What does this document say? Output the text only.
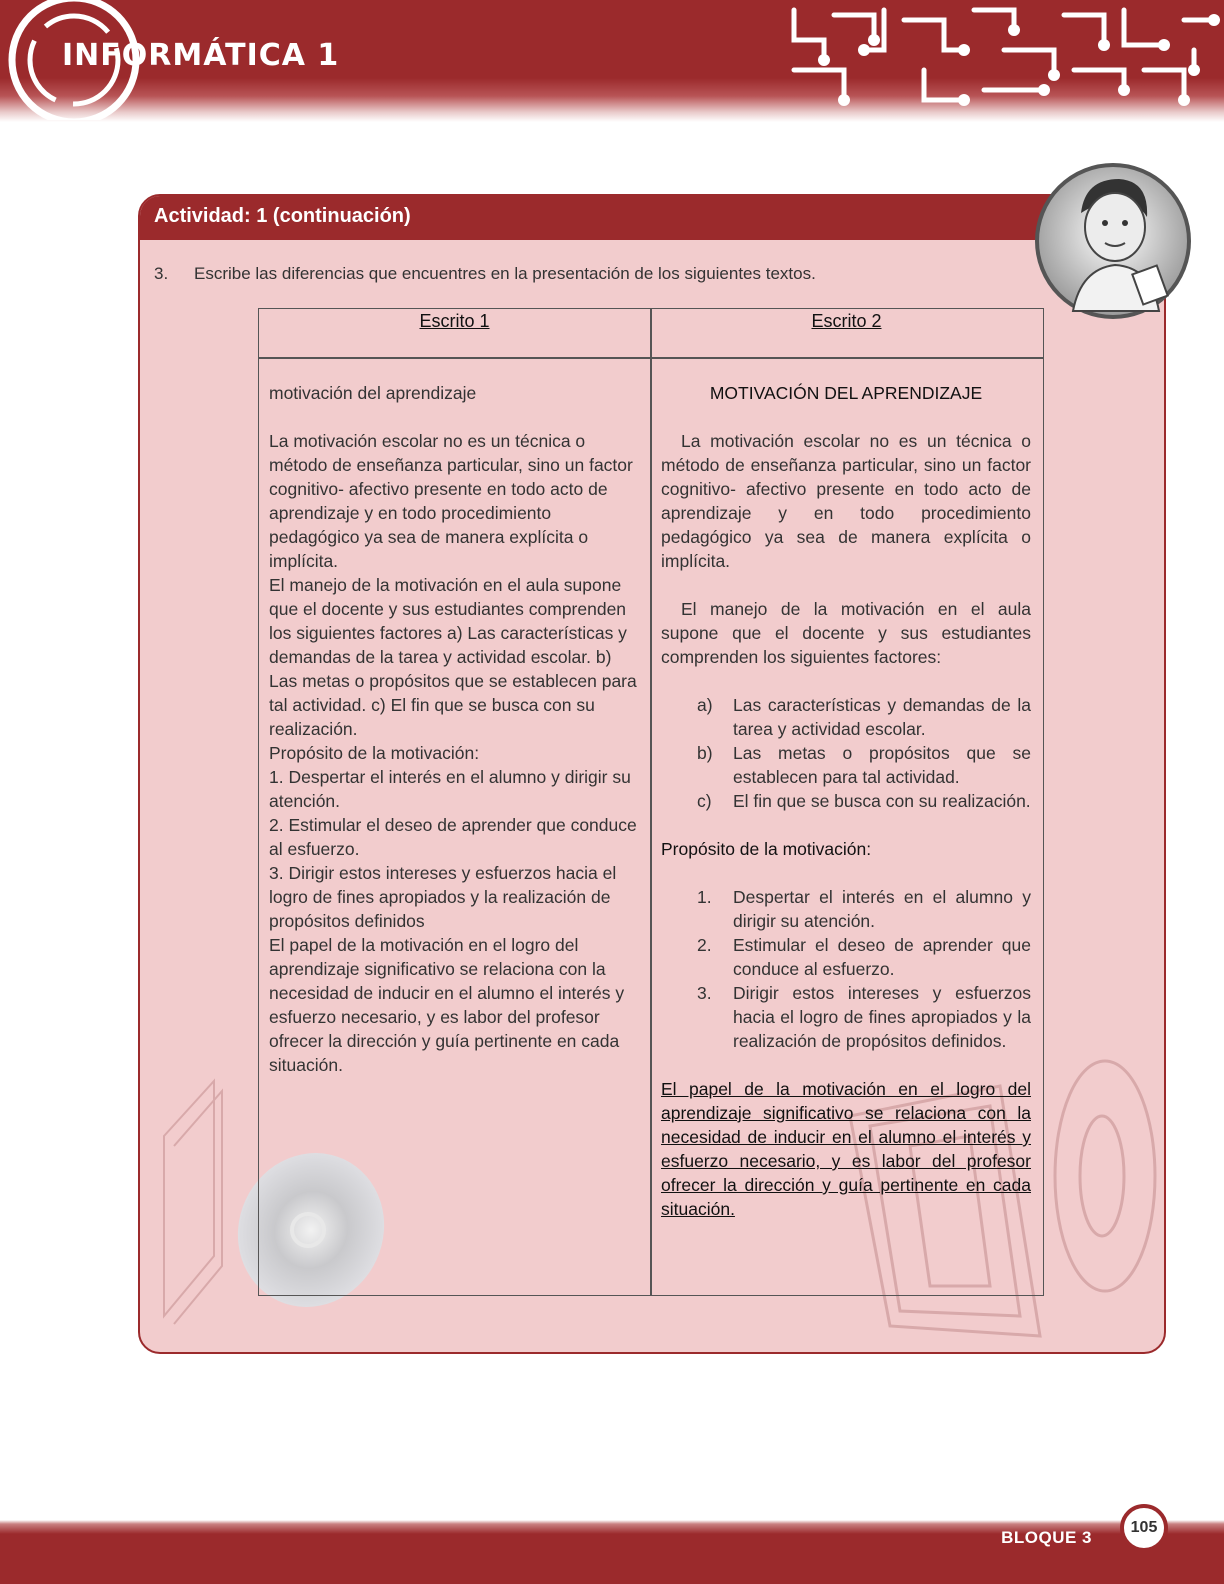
INFORMÁTICA 1
Actividad: 1 (continuación)
3. Escribe las diferencias que encuentres en la presentación de los siguientes textos.
Escrito 1	Escrito 2

motivación del aprendizaje

La motivación escolar no es un técnica o método de enseñanza particular, sino un factor cognitivo- afectivo presente en todo acto de aprendizaje y en todo procedimiento pedagógico ya sea de manera explícita o implícita.

El manejo de la motivación en el aula supone que el docente y sus estudiantes comprenden los siguientes factores a) Las características y demandas de la tarea y actividad escolar. b) Las metas o propósitos que se establecen para tal actividad. c) El fin que se busca con su realización.

Propósito de la motivación:

1. Despertar el interés en el alumno y dirigir su atención.

2. Estimular el deseo de aprender que conduce al esfuerzo.

3. Dirigir estos intereses y esfuerzos hacia el logro de fines apropiados y la realización de propósitos definidos

El papel de la motivación en el logro del aprendizaje significativo se relaciona con la necesidad de inducir en el alumno el interés y esfuerzo necesario, y es labor del profesor ofrecer la dirección y guía pertinente en cada situación.

MOTIVACIÓN DEL APRENDIZAJE

La motivación escolar no es un técnica o método de enseñanza particular, sino un factor cognitivo- afectivo presente en todo acto de aprendizaje y en todo procedimiento pedagógico ya sea de manera explícita o implícita.

El manejo de la motivación en el aula supone que el docente y sus estudiantes comprenden los siguientes factores:

a) Las características y demandas de la tarea y actividad escolar.
b) Las metas o propósitos que se establecen para tal actividad.
c) El fin que se busca con su realización.

Propósito de la motivación:

1. Despertar el interés en el alumno y dirigir su atención.
2. Estimular el deseo de aprender que conduce al esfuerzo.
3. Dirigir estos intereses y esfuerzos hacia el logro de fines apropiados y la realización de propósitos definidos.

El papel de la motivación en el logro del aprendizaje significativo se relaciona con la necesidad de inducir en el alumno el interés y esfuerzo necesario, y es labor del profesor ofrecer la dirección y guía pertinente en cada situación.

BLOQUE 3
105
